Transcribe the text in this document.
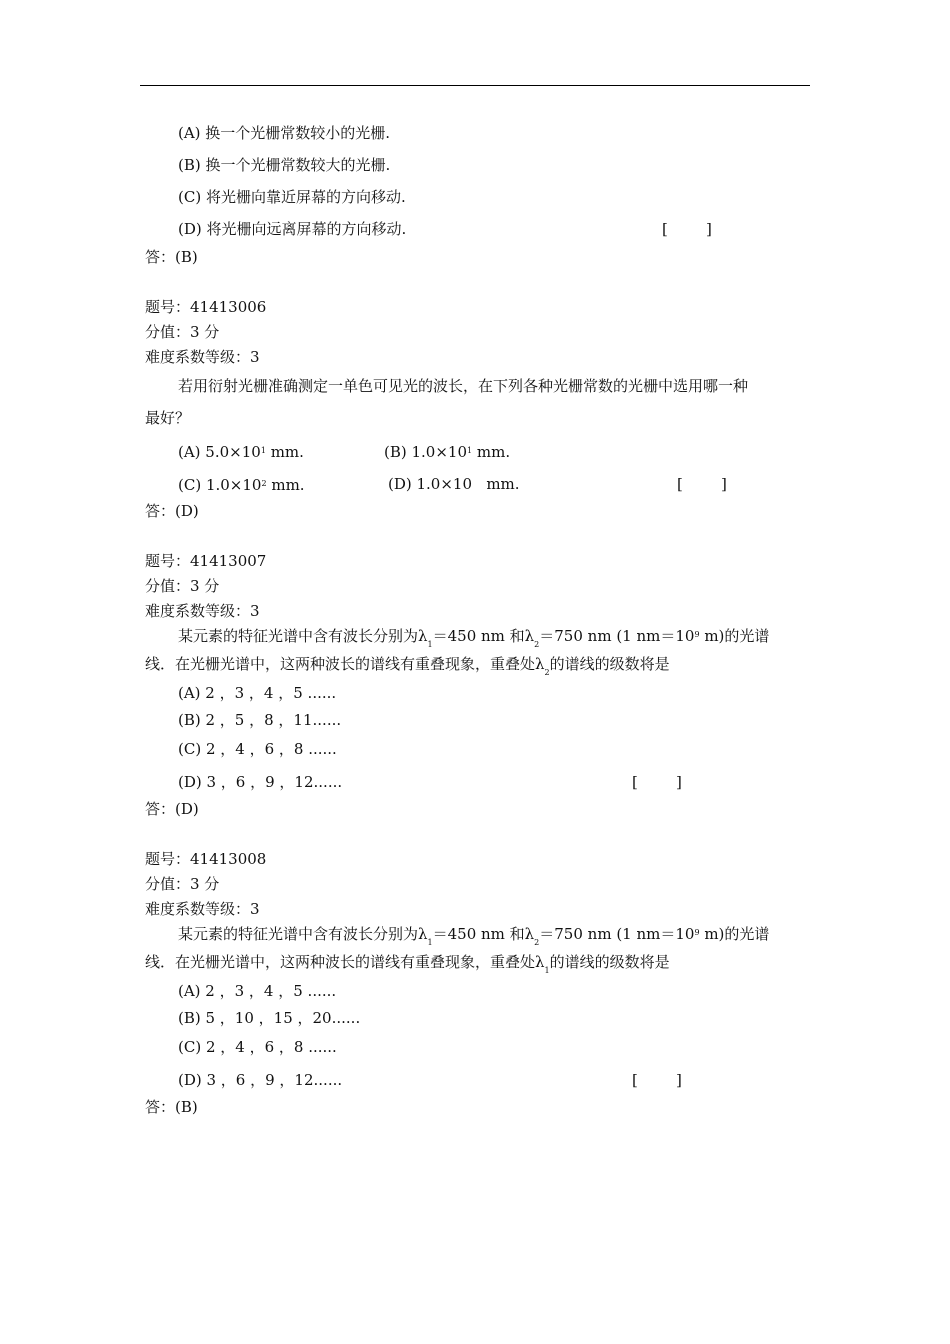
(A) 换一个光栅常数较小的光栅.
(B) 换一个光栅常数较大的光栅.
(C) 将光栅向靠近屏幕的方向移动.
(D) 将光栅向远离屏幕的方向移动.	[        ]
答：(B)
题号：41413006
分值：3 分
难度系数等级：3
若用衍射光栅准确测定一单色可见光的波长，在下列各种光栅常数的光栅中选用哪一种
最好？
(A) $5.0\times 10^1$ mm.	(B) $1.0\times 10^1$ mm.
(C) $1.0\times 10^2$ mm.	(D) 1.0×10 mm.	[        ]
答：(D)
题号：41413007
分值：3 分
难度系数等级：3
某元素的特征光谱中含有波长分别为$\lambda_1=450$ nm 和$\lambda_2=750$ nm (1 $nm=10^9$ m)的光谱
线．在光栅光谱中，这两种波长的谱线有重叠现象，重叠处$\lambda_2$的谱线的级数将是
(A) 2 ，3 ，4 ，5 ......
(B) 2 ，5 ，8 ，11......
(C) 2 ，4 ，6 ，8 ......
(D) 3 ，6 ，9 ，12......	[        ]
答：(D)
题号：41413008
分值：3 分
难度系数等级：3
某元素的特征光谱中含有波长分别为$\lambda_1=450$ nm 和$\lambda_2=750$ nm (1 $nm=10^9$ m)的光谱
线．在光栅光谱中，这两种波长的谱线有重叠现象，重叠处$\lambda_1$的谱线的级数将是
(A) 2 ，3 ，4 ，5 ......
(B) 5 ，10 ，15 ，20......
(C) 2 ，4 ，6 ，8 ......
(D) 3 ，6 ，9 ，12......	[        ]
答：(B)
